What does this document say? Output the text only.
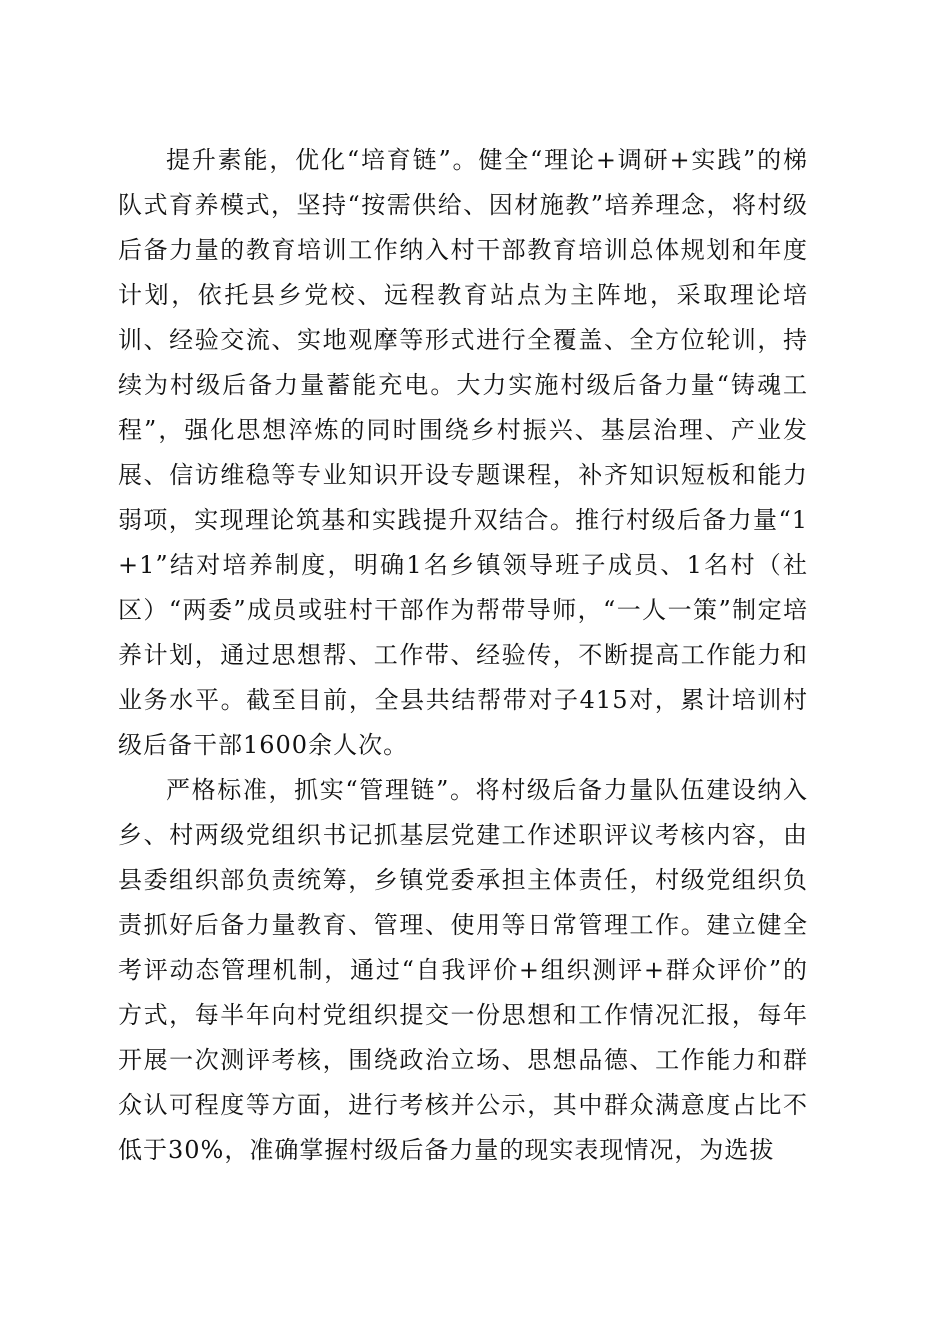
提升素能，优化“培育链”。健全“理论+调研+实践”的梯队式育养模式，坚持“按需供给、因材施教”培养理念，将村级后备力量的教育培训工作纳入村干部教育培训总体规划和年度计划，依托县乡党校、远程教育站点为主阵地，采取理论培训、经验交流、实地观摩等形式进行全覆盖、全方位轮训，持续为村级后备力量蓄能充电。大力实施村级后备力量“铸魂工程”，强化思想淬炼的同时围绕乡村振兴、基层治理、产业发展、信访维稳等专业知识开设专题课程，补齐知识短板和能力弱项，实现理论筑基和实践提升双结合。推行村级后备力量“1+1”结对培养制度，明确1名乡镇领导班子成员、1名村（社区）“两委”成员或驻村干部作为帮带导师，“一人一策”制定培养计划，通过思想帮、工作带、经验传，不断提高工作能力和业务水平。截至目前，全县共结帮带对子415对，累计培训村级后备干部1600余人次。

严格标准，抓实“管理链”。将村级后备力量队伍建设纳入乡、村两级党组织书记抓基层党建工作述职评议考核内容，由县委组织部负责统筹，乡镇党委承担主体责任，村级党组织负责抓好后备力量教育、管理、使用等日常管理工作。建立健全考评动态管理机制，通过“自我评价+组织测评+群众评价”的方式，每半年向村党组织提交一份思想和工作情况汇报，每年开展一次测评考核，围绕政治立场、思想品德、工作能力和群众认可程度等方面，进行考核并公示，其中群众满意度占比不低于30%，准确掌握村级后备力量的现实表现情况，为选拔
